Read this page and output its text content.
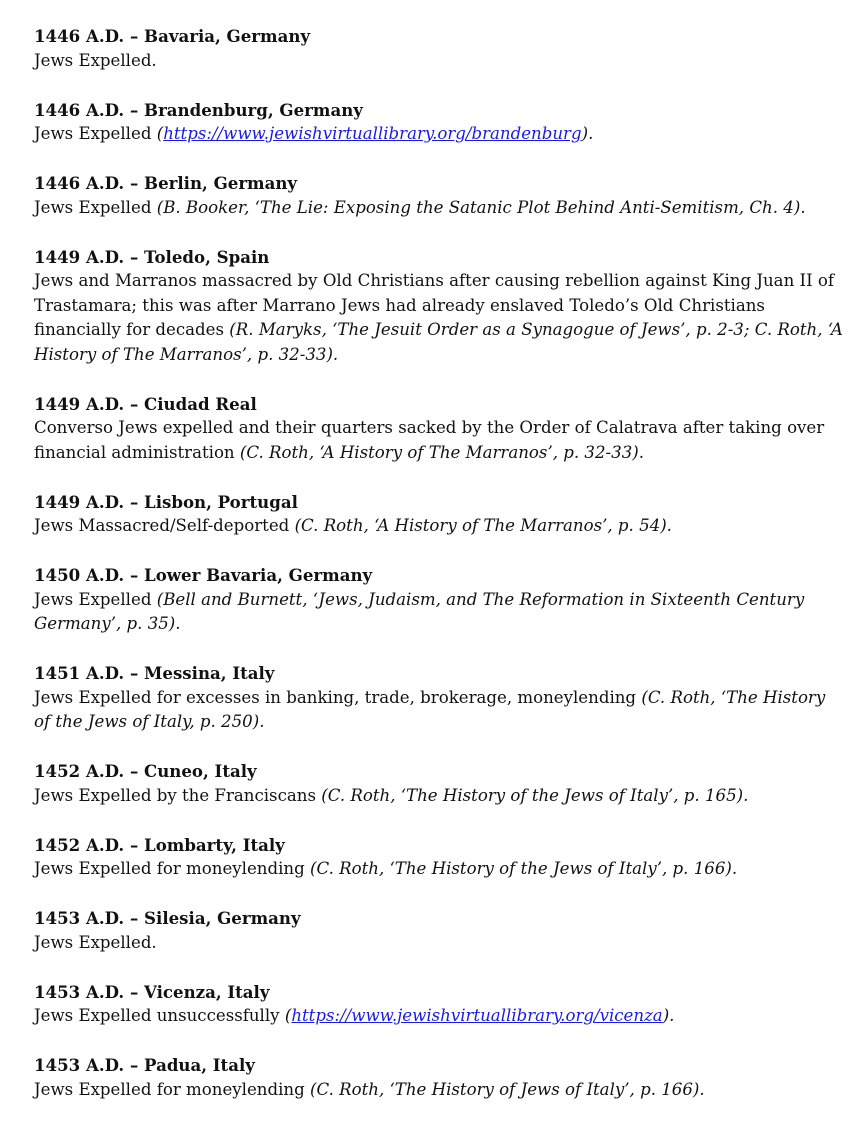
1446 A.D. – Bavaria, Germany
Jews Expelled.
1446 A.D. – Brandenburg, Germany
Jews Expelled (https://www.jewishvirtuallibrary.org/brandenburg).
1446 A.D. – Berlin, Germany
Jews Expelled (B. Booker, ‘The Lie: Exposing the Satanic Plot Behind Anti-Semitism, Ch. 4).
1449 A.D. – Toledo, Spain
Jews and Marranos massacred by Old Christians after causing rebellion against King Juan II of Trastamara; this was after Marrano Jews had already enslaved Toledo’s Old Christians financially for decades (R. Maryks, ‘The Jesuit Order as a Synagogue of Jews’, p. 2-3; C. Roth, ‘A History of The Marranos’, p. 32-33).
1449 A.D. – Ciudad Real
Converso Jews expelled and their quarters sacked by the Order of Calatrava after taking over financial administration (C. Roth, ‘A History of The Marranos’, p. 32-33).
1449 A.D. – Lisbon, Portugal
Jews Massacred/Self-deported (C. Roth, ‘A History of The Marranos’, p. 54).
1450 A.D. – Lower Bavaria, Germany
Jews Expelled (Bell and Burnett, ‘Jews, Judaism, and The Reformation in Sixteenth Century Germany’, p. 35).
1451 A.D. – Messina, Italy
Jews Expelled for excesses in banking, trade, brokerage, moneylending (C. Roth, ‘The History of the Jews of Italy, p. 250).
1452 A.D. – Cuneo, Italy
Jews Expelled by the Franciscans (C. Roth, ‘The History of the Jews of Italy’, p. 165).
1452 A.D. – Lombarty, Italy
Jews Expelled for moneylending (C. Roth, ‘The History of the Jews of Italy’, p. 166).
1453 A.D. – Silesia, Germany
Jews Expelled.
1453 A.D. – Vicenza, Italy
Jews Expelled unsuccessfully (https://www.jewishvirtuallibrary.org/vicenza).
1453 A.D. – Padua, Italy
Jews Expelled for moneylending (C. Roth, ‘The History of Jews of Italy’, p. 166).
